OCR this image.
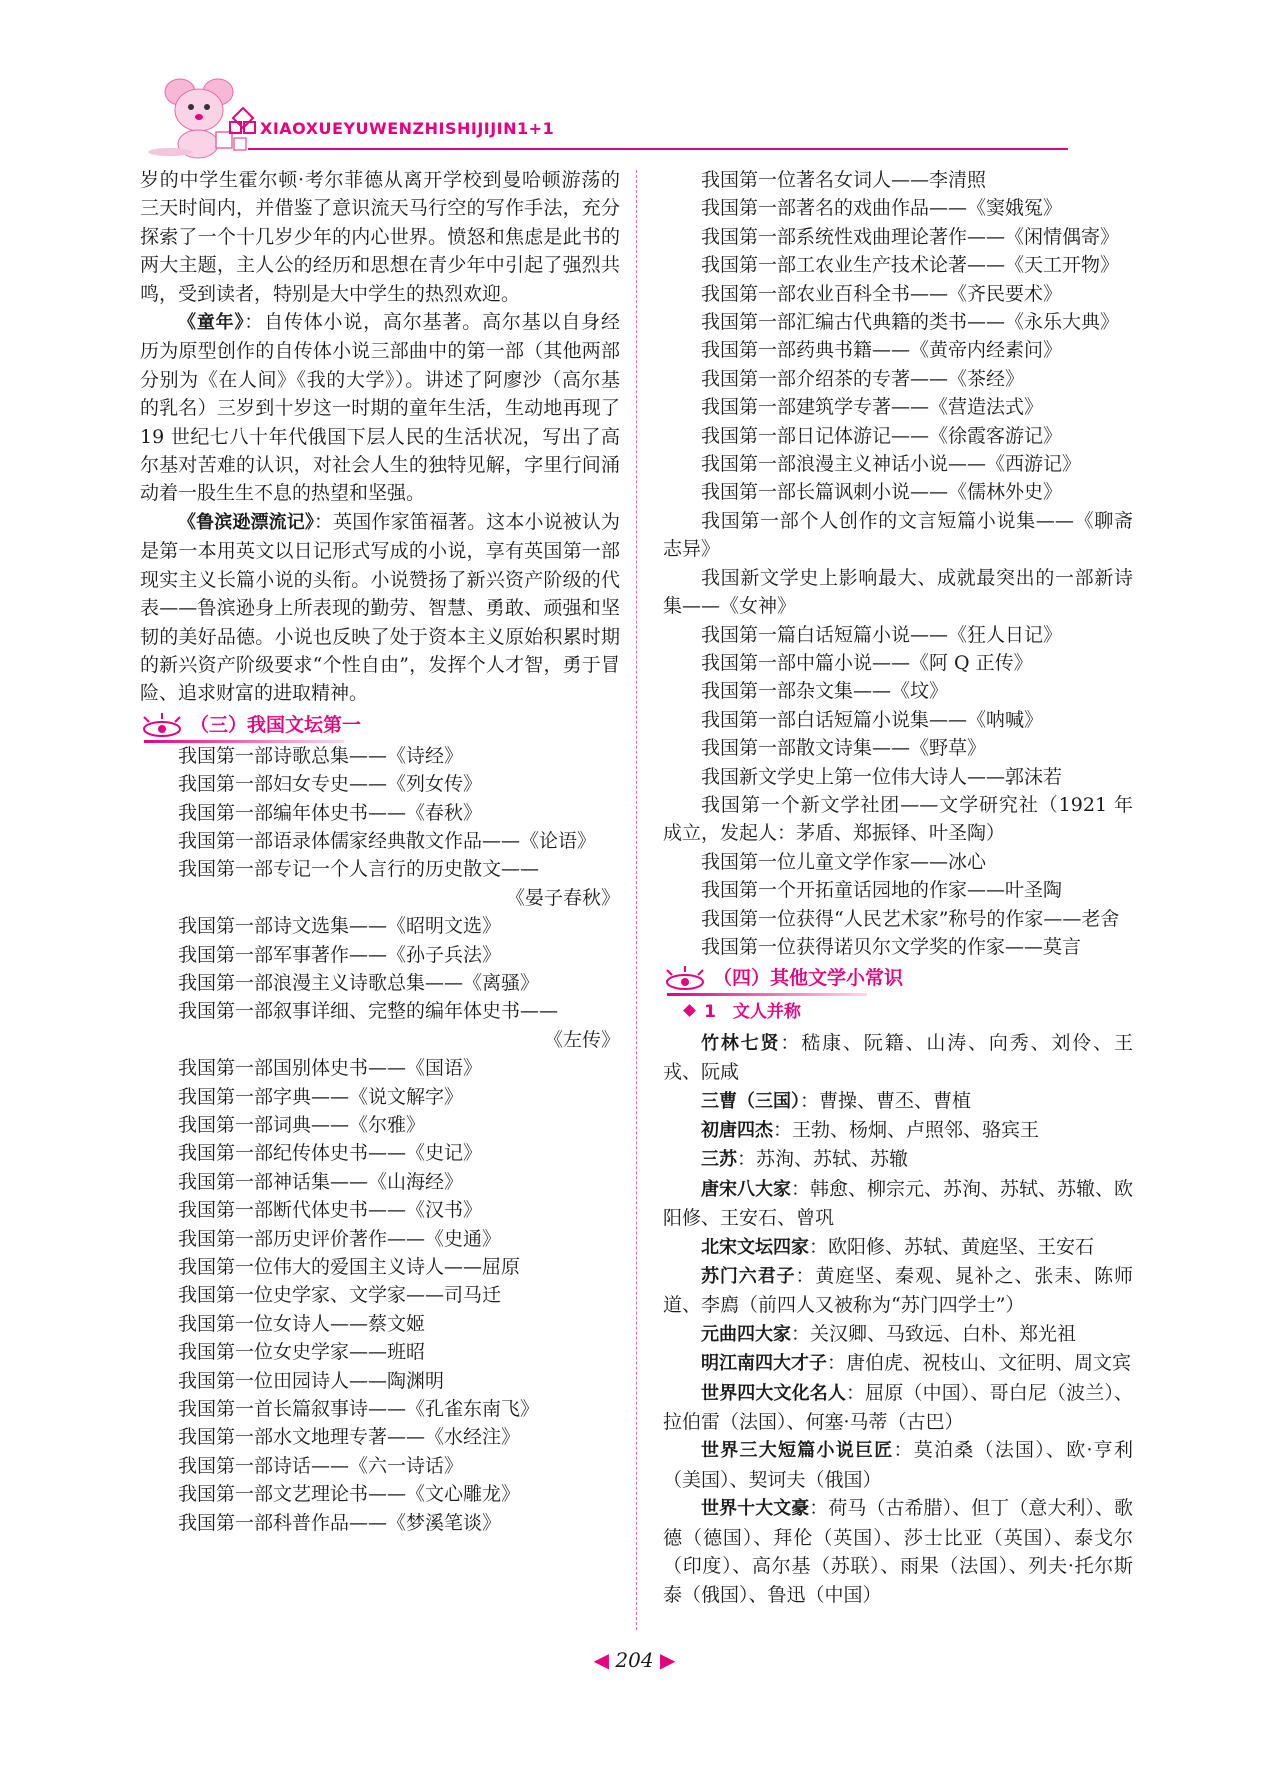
XIAOXUEYUWENZHISHIJIJIN1+1

岁的中学生霍尔顿·考尔菲德从离开学校到曼哈顿游荡的三天时间内，并借鉴了意识流天马行空的写作手法，充分探索了一个十几岁少年的内心世界。愤怒和焦虑是此书的两大主题，主人公的经历和思想在青少年中引起了强烈共鸣，受到读者，特别是大中学生的热烈欢迎。

《童年》：自传体小说，高尔基著。高尔基以自身经历为原型创作的自传体小说三部曲中的第一部（其他两部分别为《在人间》《我的大学》）。讲述了阿廖沙（高尔基的乳名）三岁到十岁这一时期的童年生活，生动地再现了 19 世纪七八十年代俄国下层人民的生活状况，写出了高尔基对苦难的认识，对社会人生的独特见解，字里行间涌动着一股生生不息的热望和坚强。

《鲁滨逊漂流记》：英国作家笛福著。这本小说被认为是第一本用英文以日记形式写成的小说，享有英国第一部现实主义长篇小说的头衔。小说赞扬了新兴资产阶级的代表——鲁滨逊身上所表现的勤劳、智慧、勇敢、顽强和坚韧的美好品德。小说也反映了处于资本主义原始积累时期的新兴资产阶级要求“个性自由”，发挥个人才智，勇于冒险、追求财富的进取精神。

（三）我国文坛第一

我国第一部诗歌总集——《诗经》

我国第一部妇女专史——《列女传》

我国第一部编年体史书——《春秋》

我国第一部语录体儒家经典散文作品——《论语》

我国第一部专记一个人言行的历史散文——

《晏子春秋》

我国第一部诗文选集——《昭明文选》

我国第一部军事著作——《孙子兵法》

我国第一部浪漫主义诗歌总集——《离骚》

我国第一部叙事详细、完整的编年体史书——

《左传》

我国第一部国别体史书——《国语》

我国第一部字典——《说文解字》

我国第一部词典——《尔雅》

我国第一部纪传体史书——《史记》

我国第一部神话集——《山海经》

我国第一部断代体史书——《汉书》

我国第一部历史评价著作——《史通》

我国第一位伟大的爱国主义诗人——屈原

我国第一位史学家、文学家——司马迁

我国第一位女诗人——蔡文姬

我国第一位女史学家——班昭

我国第一位田园诗人——陶渊明

我国第一首长篇叙事诗——《孔雀东南飞》

我国第一部水文地理专著——《水经注》

我国第一部诗话——《六一诗话》

我国第一部文艺理论书——《文心雕龙》

我国第一部科普作品——《梦溪笔谈》

我国第一位著名女词人——李清照

我国第一部著名的戏曲作品——《窦娥冤》

我国第一部系统性戏曲理论著作——《闲情偶寄》

我国第一部工农业生产技术论著——《天工开物》

我国第一部农业百科全书——《齐民要术》

我国第一部汇编古代典籍的类书——《永乐大典》

我国第一部药典书籍——《黄帝内经素问》

我国第一部介绍茶的专著——《茶经》

我国第一部建筑学专著——《营造法式》

我国第一部日记体游记——《徐霞客游记》

我国第一部浪漫主义神话小说——《西游记》

我国第一部长篇讽刺小说——《儒林外史》

我国第一部个人创作的文言短篇小说集——《聊斋志异》

我国新文学史上影响最大、成就最突出的一部新诗集——《女神》

我国第一篇白话短篇小说——《狂人日记》

我国第一部中篇小说——《阿 Q 正传》

我国第一部杂文集——《坟》

我国第一部白话短篇小说集——《呐喊》

我国第一部散文诗集——《野草》

我国新文学史上第一位伟大诗人——郭沫若

我国第一个新文学社团——文学研究社（1921 年成立，发起人：茅盾、郑振铎、叶圣陶）

我国第一位儿童文学作家——冰心

我国第一个开拓童话园地的作家——叶圣陶

我国第一位获得“人民艺术家”称号的作家——老舍

我国第一位获得诺贝尔文学奖的作家——莫言

（四）其他文学小常识

1　文人并称

竹林七贤：嵇康、阮籍、山涛、向秀、刘伶、王戎、阮咸

三曹（三国）：曹操、曹丕、曹植

初唐四杰：王勃、杨炯、卢照邻、骆宾王

三苏：苏洵、苏轼、苏辙

唐宋八大家：韩愈、柳宗元、苏洵、苏轼、苏辙、欧阳修、王安石、曾巩

北宋文坛四家：欧阳修、苏轼、黄庭坚、王安石

苏门六君子：黄庭坚、秦观、晁补之、张耒、陈师道、李廌（前四人又被称为“苏门四学士”）

元曲四大家：关汉卿、马致远、白朴、郑光祖

明江南四大才子：唐伯虎、祝枝山、文征明、周文宾

世界四大文化名人：屈原（中国）、哥白尼（波兰）、拉伯雷（法国）、何塞·马蒂（古巴）

世界三大短篇小说巨匠：莫泊桑（法国）、欧·亨利（美国）、契诃夫（俄国）

世界十大文豪：荷马（古希腊）、但丁（意大利）、歌德（德国）、拜伦（英国）、莎士比亚（英国）、泰戈尔（印度）、高尔基（苏联）、雨果（法国）、列夫·托尔斯泰（俄国）、鲁迅（中国）

◀ 204 ▶
